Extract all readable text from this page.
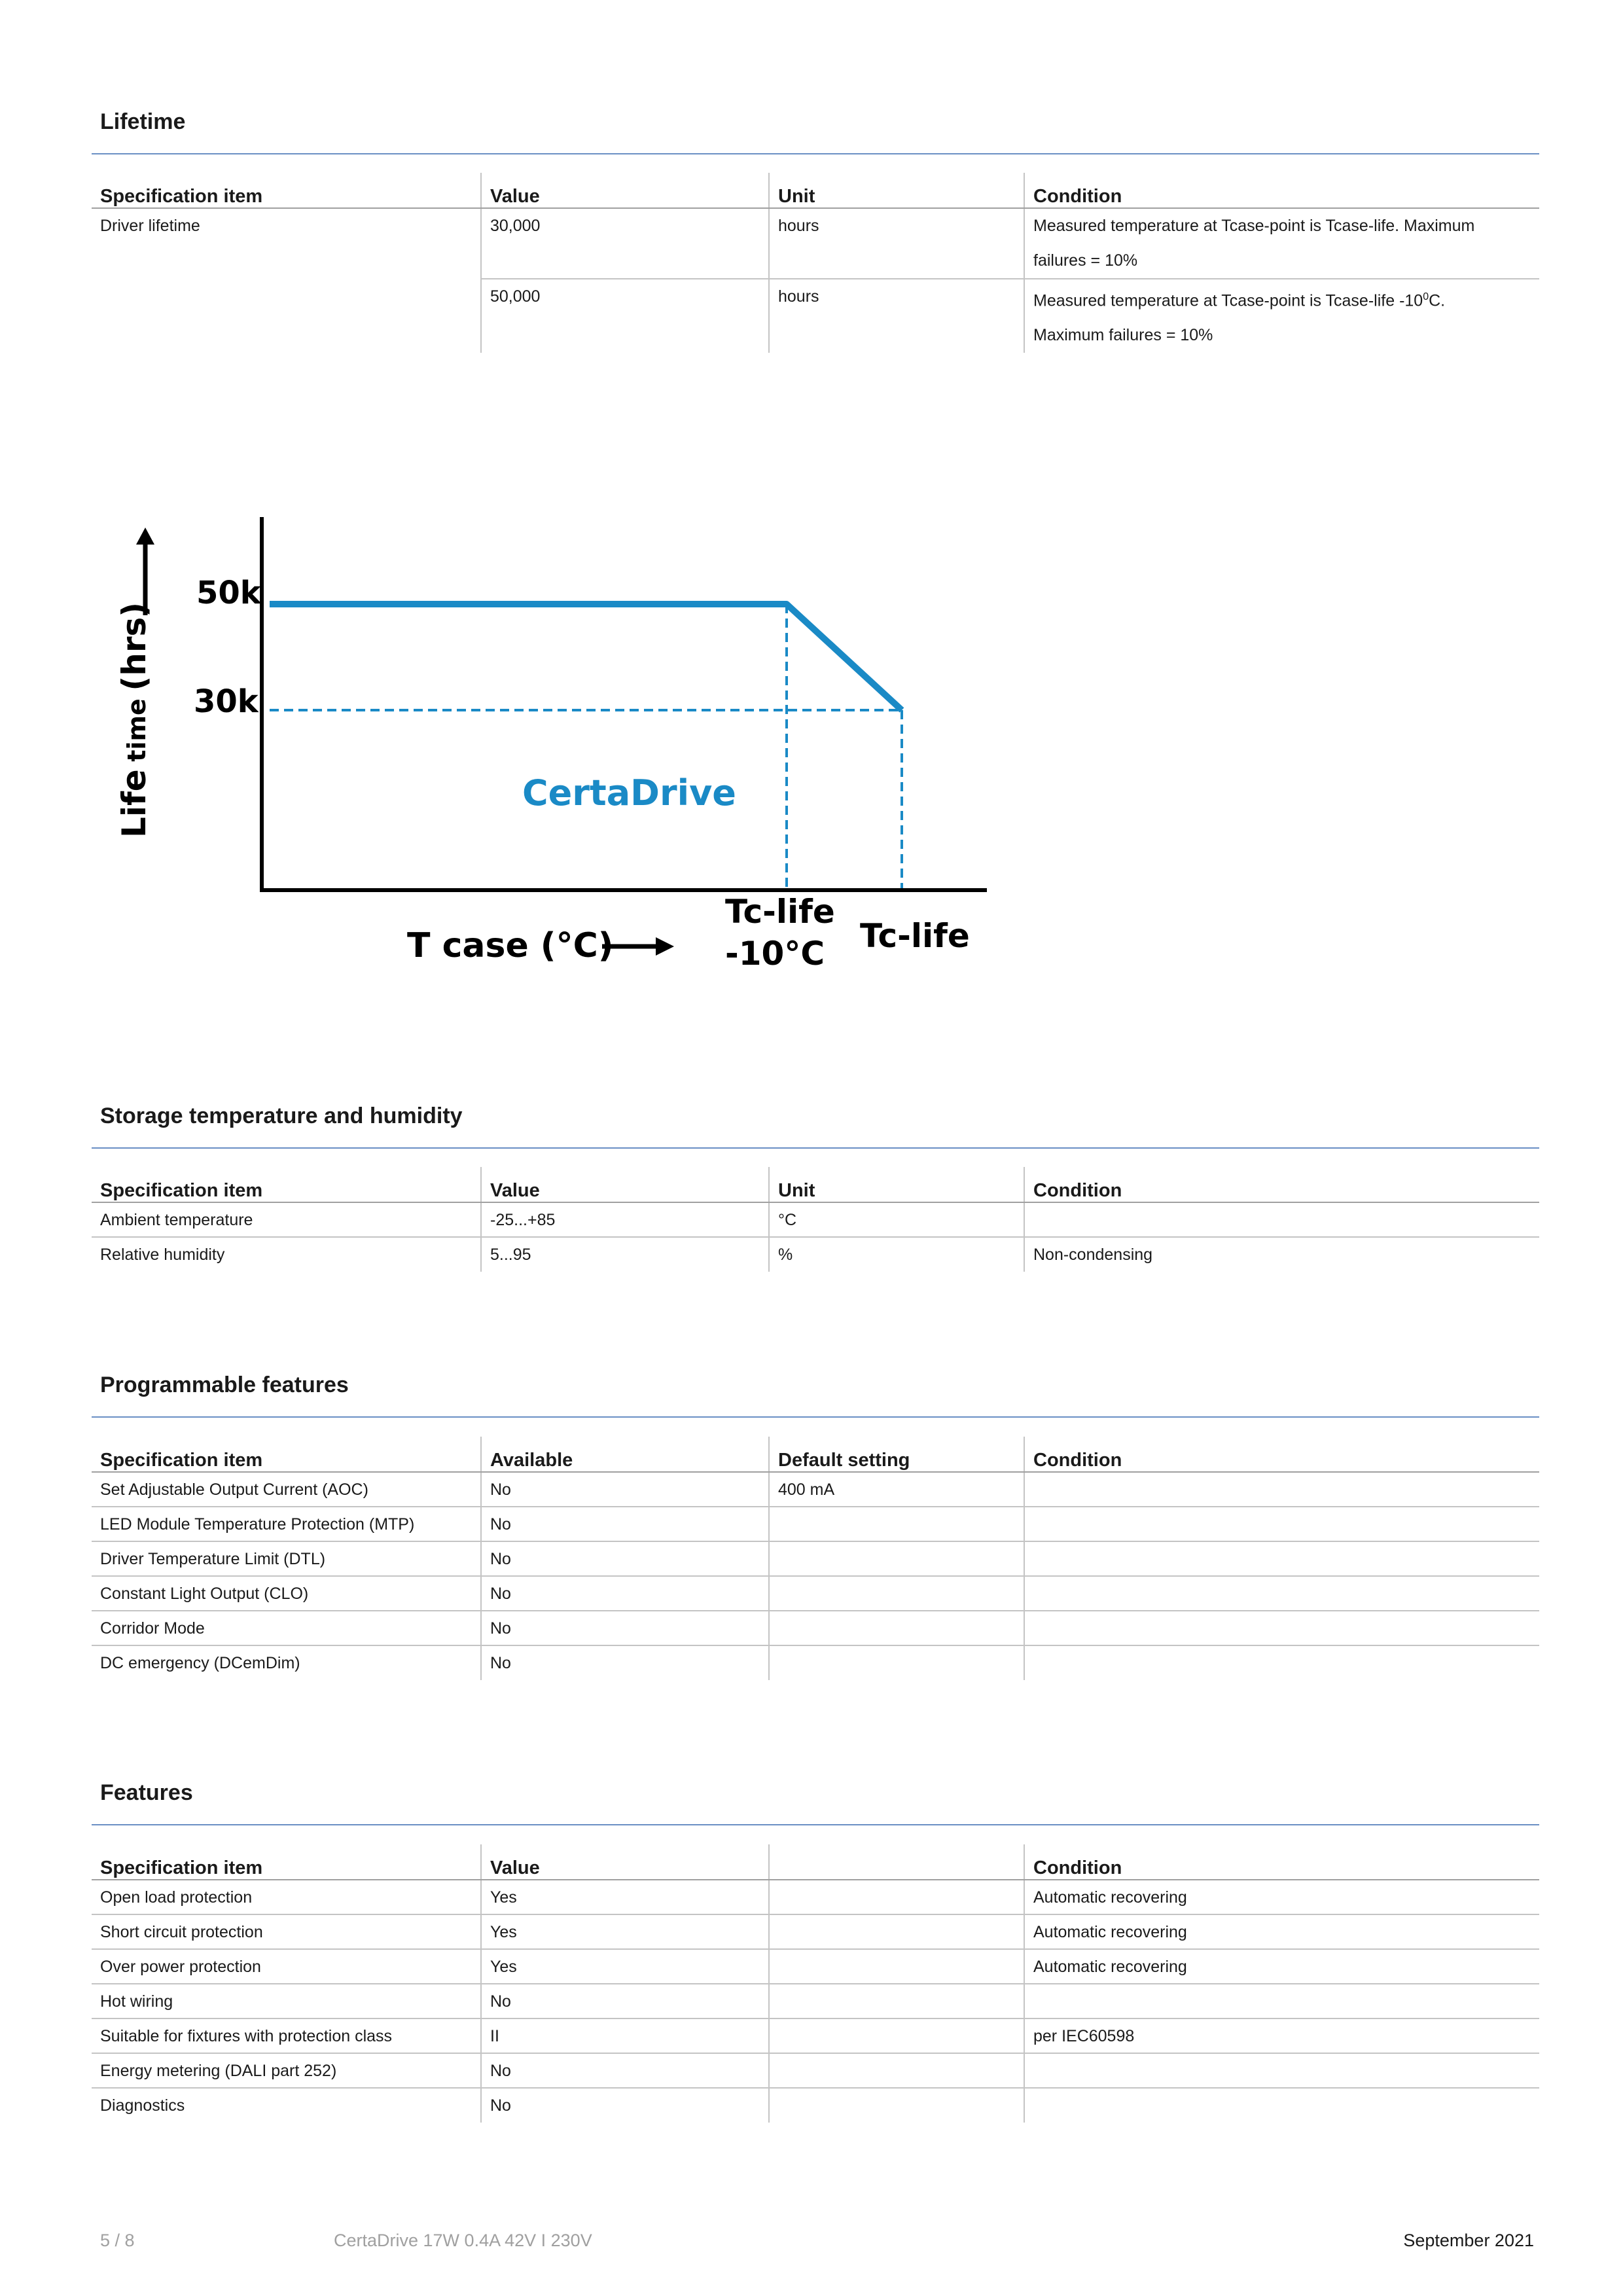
Lifetime
Specification item	Value	Unit	Condition
Driver lifetime	30,000	hours	Measured temperature at Tcase-point is Tcase-life. Maximum
failures = 10%

	50,000	hours	Measured temperature at Tcase-point is Tcase-life $-10^0C$.
Maximum failures = 10%
Life time (hrs)
50k
30k
CertaDrive
T case (°C)
Tc-life
-10°C Tc-life
Storage temperature and humidity
Specification item	Value	Unit	Condition
Ambient temperature	-25...+85	°C	
Relative humidity	5...95	%	Non-condensing
Programmable features
Specification item	Available	Default setting	Condition
Set Adjustable Output Current (AOC)	No	400 mA	
LED Module Temperature Protection (MTP)	No		
Driver Temperature Limit (DTL)	No		
Constant Light Output (CLO)	No		
Corridor Mode	No		
DC emergency (DCemDim)	No		
Features
Specification item	Value		Condition
Open load protection	Yes		Automatic recovering
Short circuit protection	Yes		Automatic recovering
Over power protection	Yes		Automatic recovering
Hot wiring	No		
Suitable for fixtures with protection class	II		per IEC60598
Energy metering (DALI part 252)	No		
Diagnostics	No		
5 / 8	CertaDrive 17W 0.4A 42V I 230V	September 2021
